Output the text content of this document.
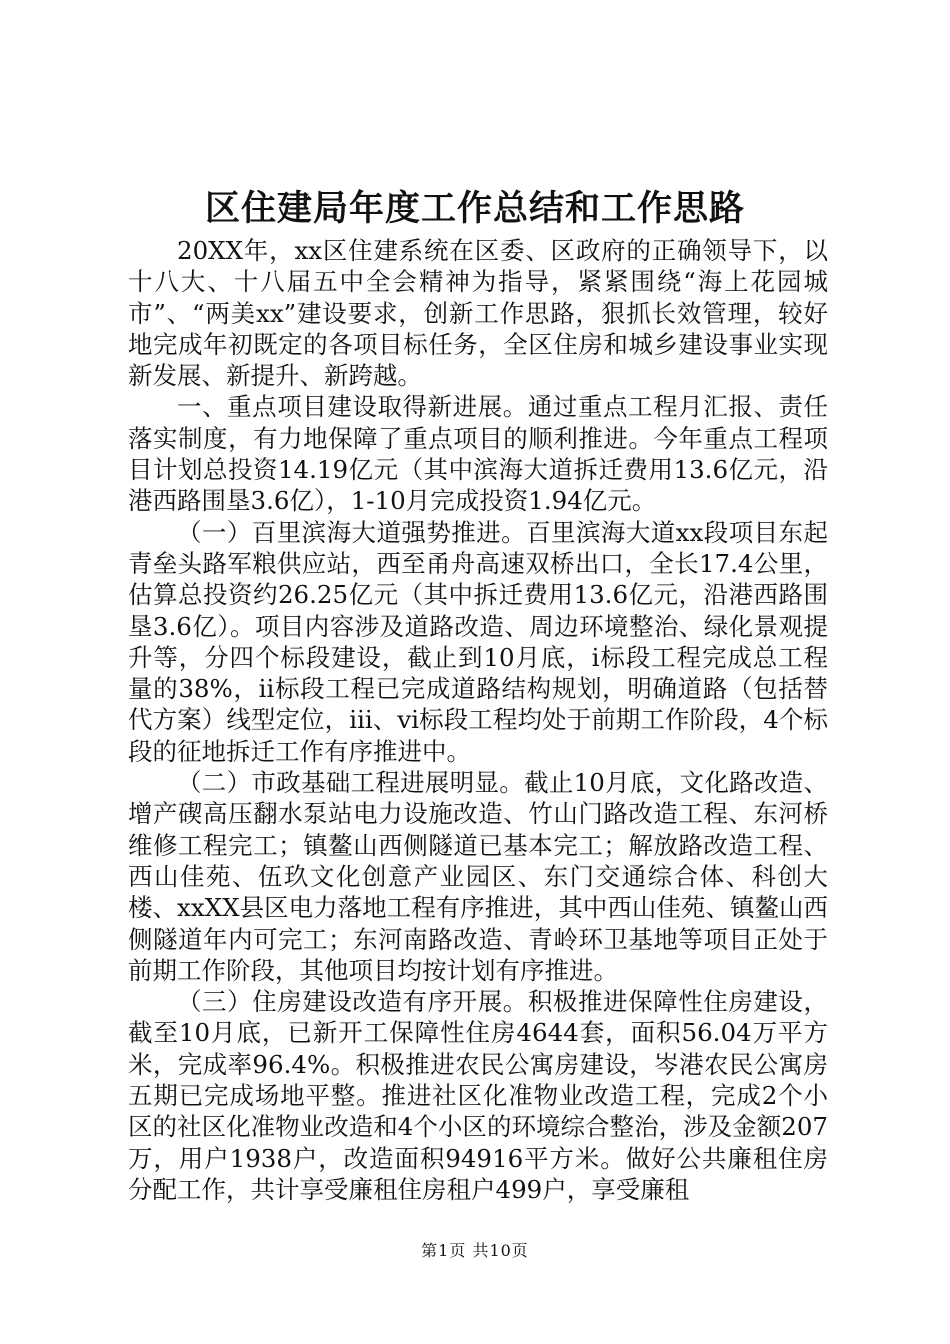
区住建局年度工作总结和工作思路

20XX年，xx区住建系统在区委、区政府的正确领导下，以十八大、十八届五中全会精神为指导，紧紧围绕“海上花园城市”、“两美xx”建设要求，创新工作思路，狠抓长效管理，较好地完成年初既定的各项目标任务，全区住房和城乡建设事业实现新发展、新提升、新跨越。

一、重点项目建设取得新进展。通过重点工程月汇报、责任落实制度，有力地保障了重点项目的顺利推进。今年重点工程项目计划总投资14.19亿元（其中滨海大道拆迁费用13.6亿元，沿港西路围垦3.6亿），1-10月完成投资1.94亿元。

（一）百里滨海大道强势推进。百里滨海大道xx段项目东起青垒头路军粮供应站，西至甬舟高速双桥出口，全长17.4公里，估算总投资约26.25亿元（其中拆迁费用13.6亿元，沿港西路围垦3.6亿）。项目内容涉及道路改造、周边环境整治、绿化景观提升等，分四个标段建设，截止到10月底，ⅰ标段工程完成总工程量的38%，ⅱ标段工程已完成道路结构规划，明确道路（包括替代方案）线型定位，ⅲ、ⅵ标段工程均处于前期工作阶段，4个标段的征地拆迁工作有序推进中。

（二）市政基础工程进展明显。截止10月底，文化路改造、增产碶高压翻水泵站电力设施改造、竹山门路改造工程、东河桥维修工程完工；镇鳌山西侧隧道已基本完工；解放路改造工程、西山佳苑、伍玖文化创意产业园区、东门交通综合体、科创大楼、xxXX县区电力落地工程有序推进，其中西山佳苑、镇鳌山西侧隧道年内可完工；东河南路改造、青岭环卫基地等项目正处于前期工作阶段，其他项目均按计划有序推进。

（三）住房建设改造有序开展。积极推进保障性住房建设，截至10月底，已新开工保障性住房4644套，面积56.04万平方米，完成率96.4%。积极推进农民公寓房建设，岑港农民公寓房五期已完成场地平整。推进社区化准物业改造工程，完成2个小区的社区化准物业改造和4个小区的环境综合整治，涉及金额207万，用户1938户，改造面积94916平方米。做好公共廉租住房分配工作，共计享受廉租住房租户499户，享受廉租

第1页 共10页
